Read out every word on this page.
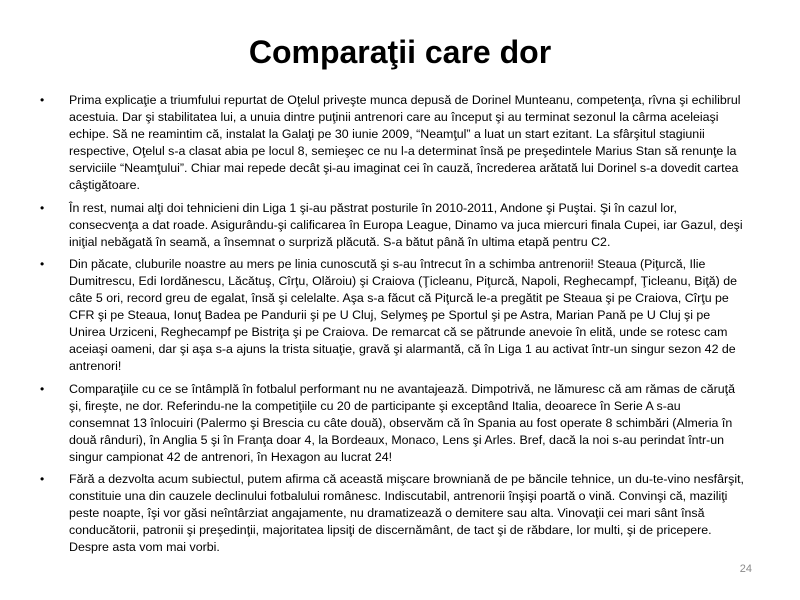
Comparaţii care dor
• Prima explicaţie a triumfului repurtat de Oţelul priveşte munca depusă de Dorinel Munteanu, competenţa, rîvna şi echilibrul acestuia. Dar şi stabilitatea lui, a unuia dintre puţinii antrenori care au început şi au terminat sezonul la cârma aceleiaşi echipe. Să ne reamintim că, instalat la Galaţi pe 30 iunie 2009, “Neamţul” a luat un start ezitant. La sfârşitul stagiunii respective, Oţelul s-a clasat abia pe locul 8, semieşec ce nu l-a determinat însă pe preşedintele Marius Stan să renunţe la serviciile “Neamţului”. Chiar mai repede decât şi-au imaginat cei în cauză, încrederea arătată lui Dorinel s-a dovedit cartea câştigătoare.
• În rest, numai alţi doi tehnicieni din Liga 1 şi-au păstrat posturile în 2010-2011, Andone şi Puştai. Şi în cazul lor, consecvenţa a dat roade. Asigurându-şi calificarea în Europa League, Dinamo va juca miercuri finala Cupei, iar Gazul, deşi iniţial nebăgată în seamă, a însemnat o surpriză plăcută. S-a bătut până în ultima etapă pentru C2.
• Din păcate, cluburile noastre au mers pe linia cunoscută şi s-au întrecut în a schimba antrenorii! Steaua (Piţurcă, Ilie Dumitrescu, Edi Iordănescu, Lăcătuş, Cîrţu, Olăroiu) şi Craiova (Ţicleanu, Piţurcă, Napoli, Reghecampf, Ţicleanu, Biţă) de câte 5 ori, record greu de egalat, însă şi celelalte. Aşa s-a făcut că Piţurcă le-a pregătit pe Steaua şi pe Craiova, Cîrţu pe CFR şi pe Steaua, Ionuţ Badea pe Pandurii şi pe U Cluj, Selymeş pe Sportul şi pe Astra, Marian Pană pe U Cluj şi pe Unirea Urziceni, Reghecampf pe Bistriţa şi pe Craiova. De remarcat că se pătrunde anevoie în elită, unde se rotesc cam aceiaşi oameni, dar şi aşa s-a ajuns la trista situaţie, gravă şi alarmantă, că în Liga 1 au activat într-un singur sezon 42 de antrenori!
• Comparaţiile cu ce se întâmplă în fotbalul performant nu ne avantajează. Dimpotrivă, ne lămuresc că am rămas de căruţă şi, fireşte, ne dor. Referindu-ne la competiţiile cu 20 de participante şi exceptând Italia, deoarece în Serie A s-au consemnat 13 înlocuiri (Palermo şi Brescia cu câte două), observăm că în Spania au fost operate 8 schimbări (Almeria în două rânduri), în Anglia 5 şi în Franţa doar 4, la Bordeaux, Monaco, Lens şi Arles. Bref, dacă la noi s-au perindat într-un singur campionat 42 de antrenori, în Hexagon au lucrat 24!
• Fără a dezvolta acum subiectul, putem afirma că această mişcare browniană de pe băncile tehnice, un du-te-vino nesfârşit, constituie una din cauzele declinului fotbalului românesc. Indiscutabil, antrenorii înşişi poartă o vină. Convinşi că, maziliţi peste noapte, îşi vor găsi neîntârziat angajamente, nu dramatizează o demitere sau alta. Vinovaţii cei mari sânt însă conducătorii, patronii şi preşedinţii, majoritatea lipsiţi de discernământ, de tact şi de răbdare, lor multi, şi de pricepere. Despre asta vom mai vorbi.
24
